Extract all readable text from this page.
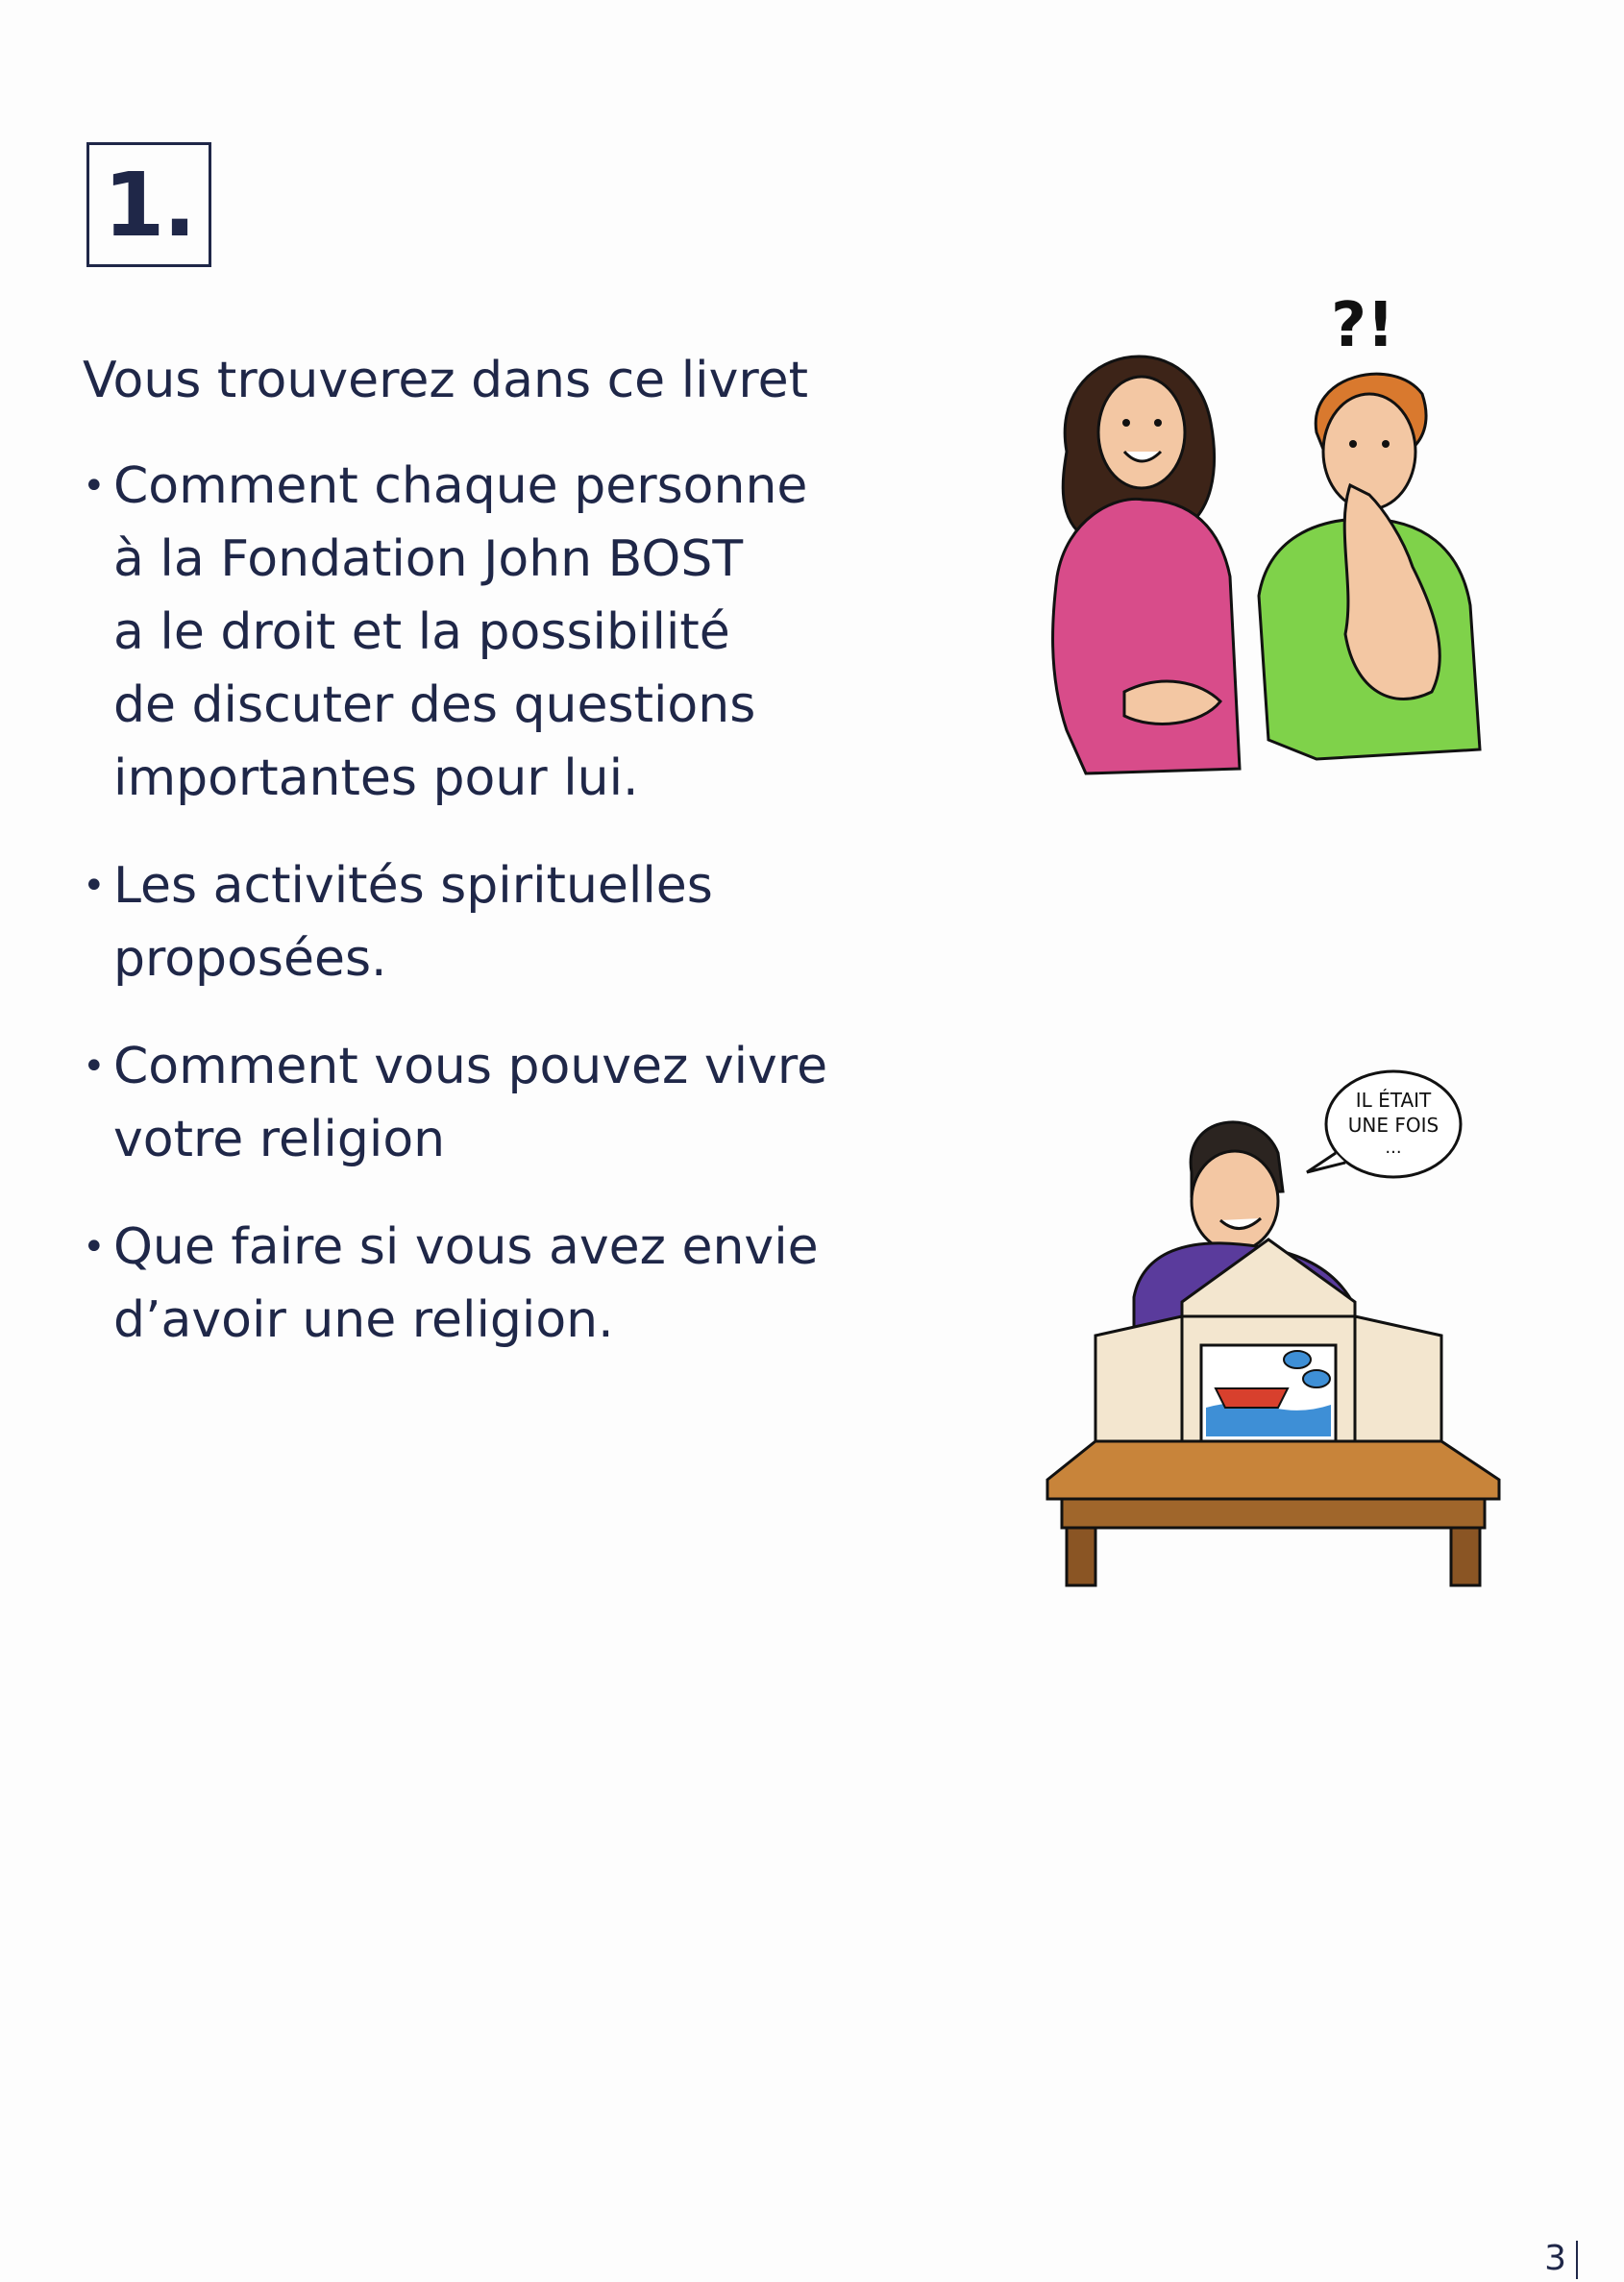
1.
Vous trouverez dans ce livret
• Comment chaque personne
à la Fondation John BOST
a le droit et la possibilité
de discuter des questions
importantes pour lui.
• Les activités spirituelles
proposées.
• Comment vous pouvez vivre
votre religion
• Que faire si vous avez envie
d’avoir une religion.
?!
IL ÉTAIT
UNE FOIS
...
3
